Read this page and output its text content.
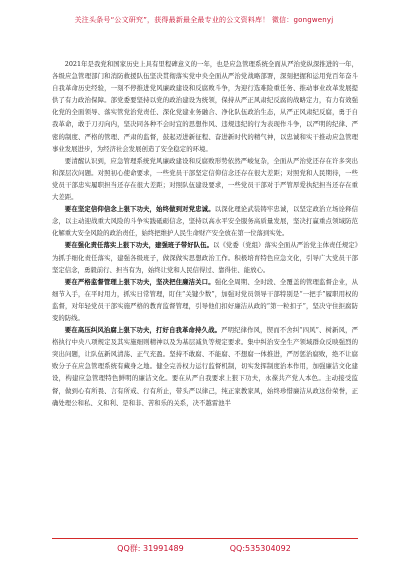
关注头条号“公文研究”，获得最新最全最专业的公文资料库！ 微信：gongwenyj

2021年是我党和国家历史上具有里程碑意义的一年，也是应急管理系统全面从严治党纵深推进的一年，各级应急管理部门和消防救援队伍坚决贯彻落实党中央全面从严治党战略部署，深刻把握和运用党百年奋斗自我革命历史经验，一刻不停推进党风廉政建设和反腐败斗争，为迎行选难险重任务、推动事业改革发展提供了有力政治保障。部党委要坚持以党的政治建设为统领，保持从严正风肃纪反腐的战略定力，有力有效强化党的全面领导、落实管党治党责任、深化党建业务融合、净化队伍政治生态，从严正风肃纪反腐，勇于自我革命，敢于刀刃向内，坚决同各种不会时宜的思想作风、违规违纪的行为表现作斗争，以严明的纪律、严密的制度、严格的管理、严肃的监督，鼓起迈进新征程、奋进新时代的精气神，以忠诚和实干推动应急管理事业发展进步，为经济社会发展创造了安全稳定的环境。

要清醒认识到，应急管理系统党风廉政建设和反腐败形势依然严峻复杂，全面从严治党还存在许多突出和深层次问题。对照初心使命要求，一些党员干部坚定信仰信念还存在很大差距；对照党和人民期待，一些党员干部忠实履职担当还存在很大差距；对照队伍建设要求，一些党员干部对于严管厚爱执纪担当还存在重大差距。

要在坚定信仰信念上狠下功夫，始终做到对党忠诚。以深化理论武装铸牢忠诚，以坚定政治立场诠释信念，以主动迎战重大风险的斗争实践砥砺信念，坚持以高水平安全服务高质量发展，坚决打赢重点领域防范化解重大安全风险的政治责任，始终把维护人民生命财产安全放在第一位落到实处。

要在强化责任落实上狠下功夫，建强班子带好队伍。以《党委（党组）落实全面从严治党主体责任规定》为抓手细化责任落实，建强各级班子，做深做实思想政治工作。积极培育特色应急文化，引导广大党员干部坚定信念，勇毅前行、担当有为，始终让党和人民信得过、靠得住、能放心。

要在严格监督管理上狠下功夫，坚决把住廉洁关口。强化全周期、全时段、全覆盖的管理监督企业，从细节入手，在平时用力，抓实日常管理，盯住“关键少数”，加强对党员领导干部特别是“一把手”履职用权的监督，对年轻党员干部实施严格的教育监督管理，引导他们扣好廉洁从政的“第一粒扣子”，坚决守住拒腐防变的防线。

要在高压纠风治腐上狠下功夫，打好自我革命持久战。严明纪律作风，锲而不舍纠“四风”、树新风，严格执行中央八项规定及其实施细则精神以及为基层减负等规定要求。集中纠治安全生产领域群众反映强烈的突出问题，让队伍新风清荡、正气充盈。坚持不敢腐、不能腐、不想腐一体推进，严厉惩治腐败，绝不让腐败分子在应急管理系统有藏身之地。健全完善权力运行监督机制，切实发挥制度治本作用，加强廉洁文化建设，构建应急管理特色鲜明的廉洁文化。要在从严自我要求上狠下功夫，永葆共产党人本色。主动接受监督，做到心有所畏、言有所戒、行有所止，带头严以律己，纯正家教家风，始终珍惜廉洁从政这份荣誉，正确处理公和私、义和利、是和非、苦和乐的关系，决不越雷池半

QQ群: 31991489	QQ:535304092
